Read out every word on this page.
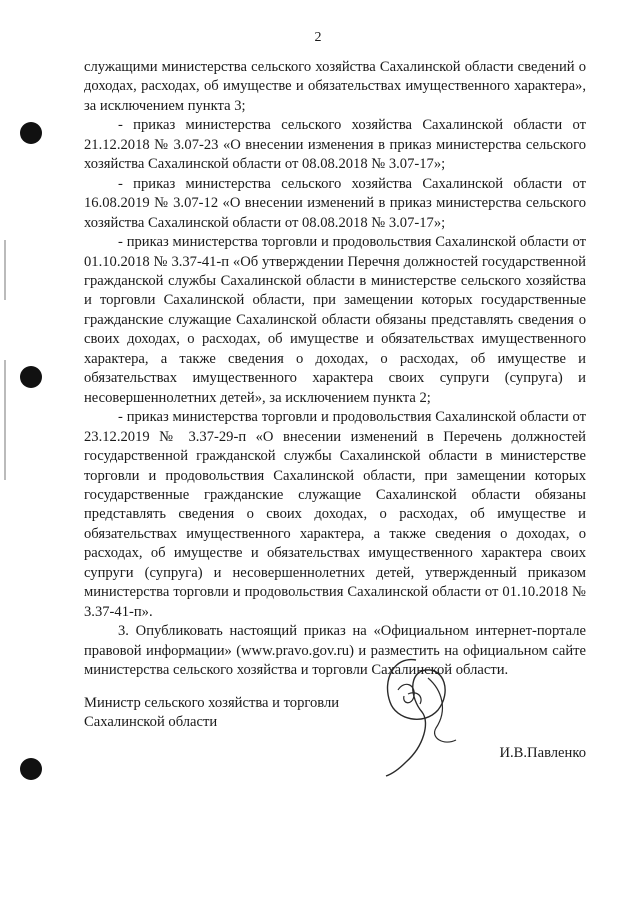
2

служащими министерства сельского хозяйства Сахалинской области сведений о доходах, расходах, об имуществе и обязательствах имущественного характера», за исключением пункта 3;

- приказ министерства сельского хозяйства Сахалинской области от 21.12.2018 № 3.07-23 «О внесении изменения в приказ министерства сельского хозяйства Сахалинской области от 08.08.2018 № 3.07-17»;

- приказ министерства сельского хозяйства Сахалинской области от 16.08.2019 № 3.07-12 «О внесении изменений в приказ министерства сельского хозяйства Сахалинской области от 08.08.2018 № 3.07-17»;

- приказ министерства торговли и продовольствия Сахалинской области от 01.10.2018 № 3.37-41-п «Об утверждении Перечня должностей государственной гражданской службы Сахалинской области в министерстве сельского хозяйства и торговли Сахалинской области, при замещении которых государственные гражданские служащие Сахалинской области обязаны представлять сведения о своих доходах, о расходах, об имуществе и обязательствах имущественного характера, а также сведения о доходах, о расходах, об имуществе и обязательствах имущественного характера своих супруги (супруга) и несовершеннолетних детей», за исключением пункта 2;

- приказ министерства торговли и продовольствия Сахалинской области от 23.12.2019 № 3.37-29-п «О внесении изменений в Перечень должностей государственной гражданской службы Сахалинской области в министерстве торговли и продовольствия Сахалинской области, при замещении которых государственные гражданские служащие Сахалинской области обязаны представлять сведения о своих доходах, о расходах, об имуществе и обязательствах имущественного характера, а также сведения о доходах, о расходах, об имуществе и обязательствах имущественного характера своих супруги (супруга) и несовершеннолетних детей, утвержденный приказом министерства торговли и продовольствия Сахалинской области от 01.10.2018 № 3.37-41-п».

3. Опубликовать настоящий приказ на «Официальном интернет-портале правовой информации» (www.pravo.gov.ru) и разместить на официальном сайте министерства сельского хозяйства и торговли Сахалинской области.

Министр сельского хозяйства и торговли
Сахалинской области
И.В.Павленко
